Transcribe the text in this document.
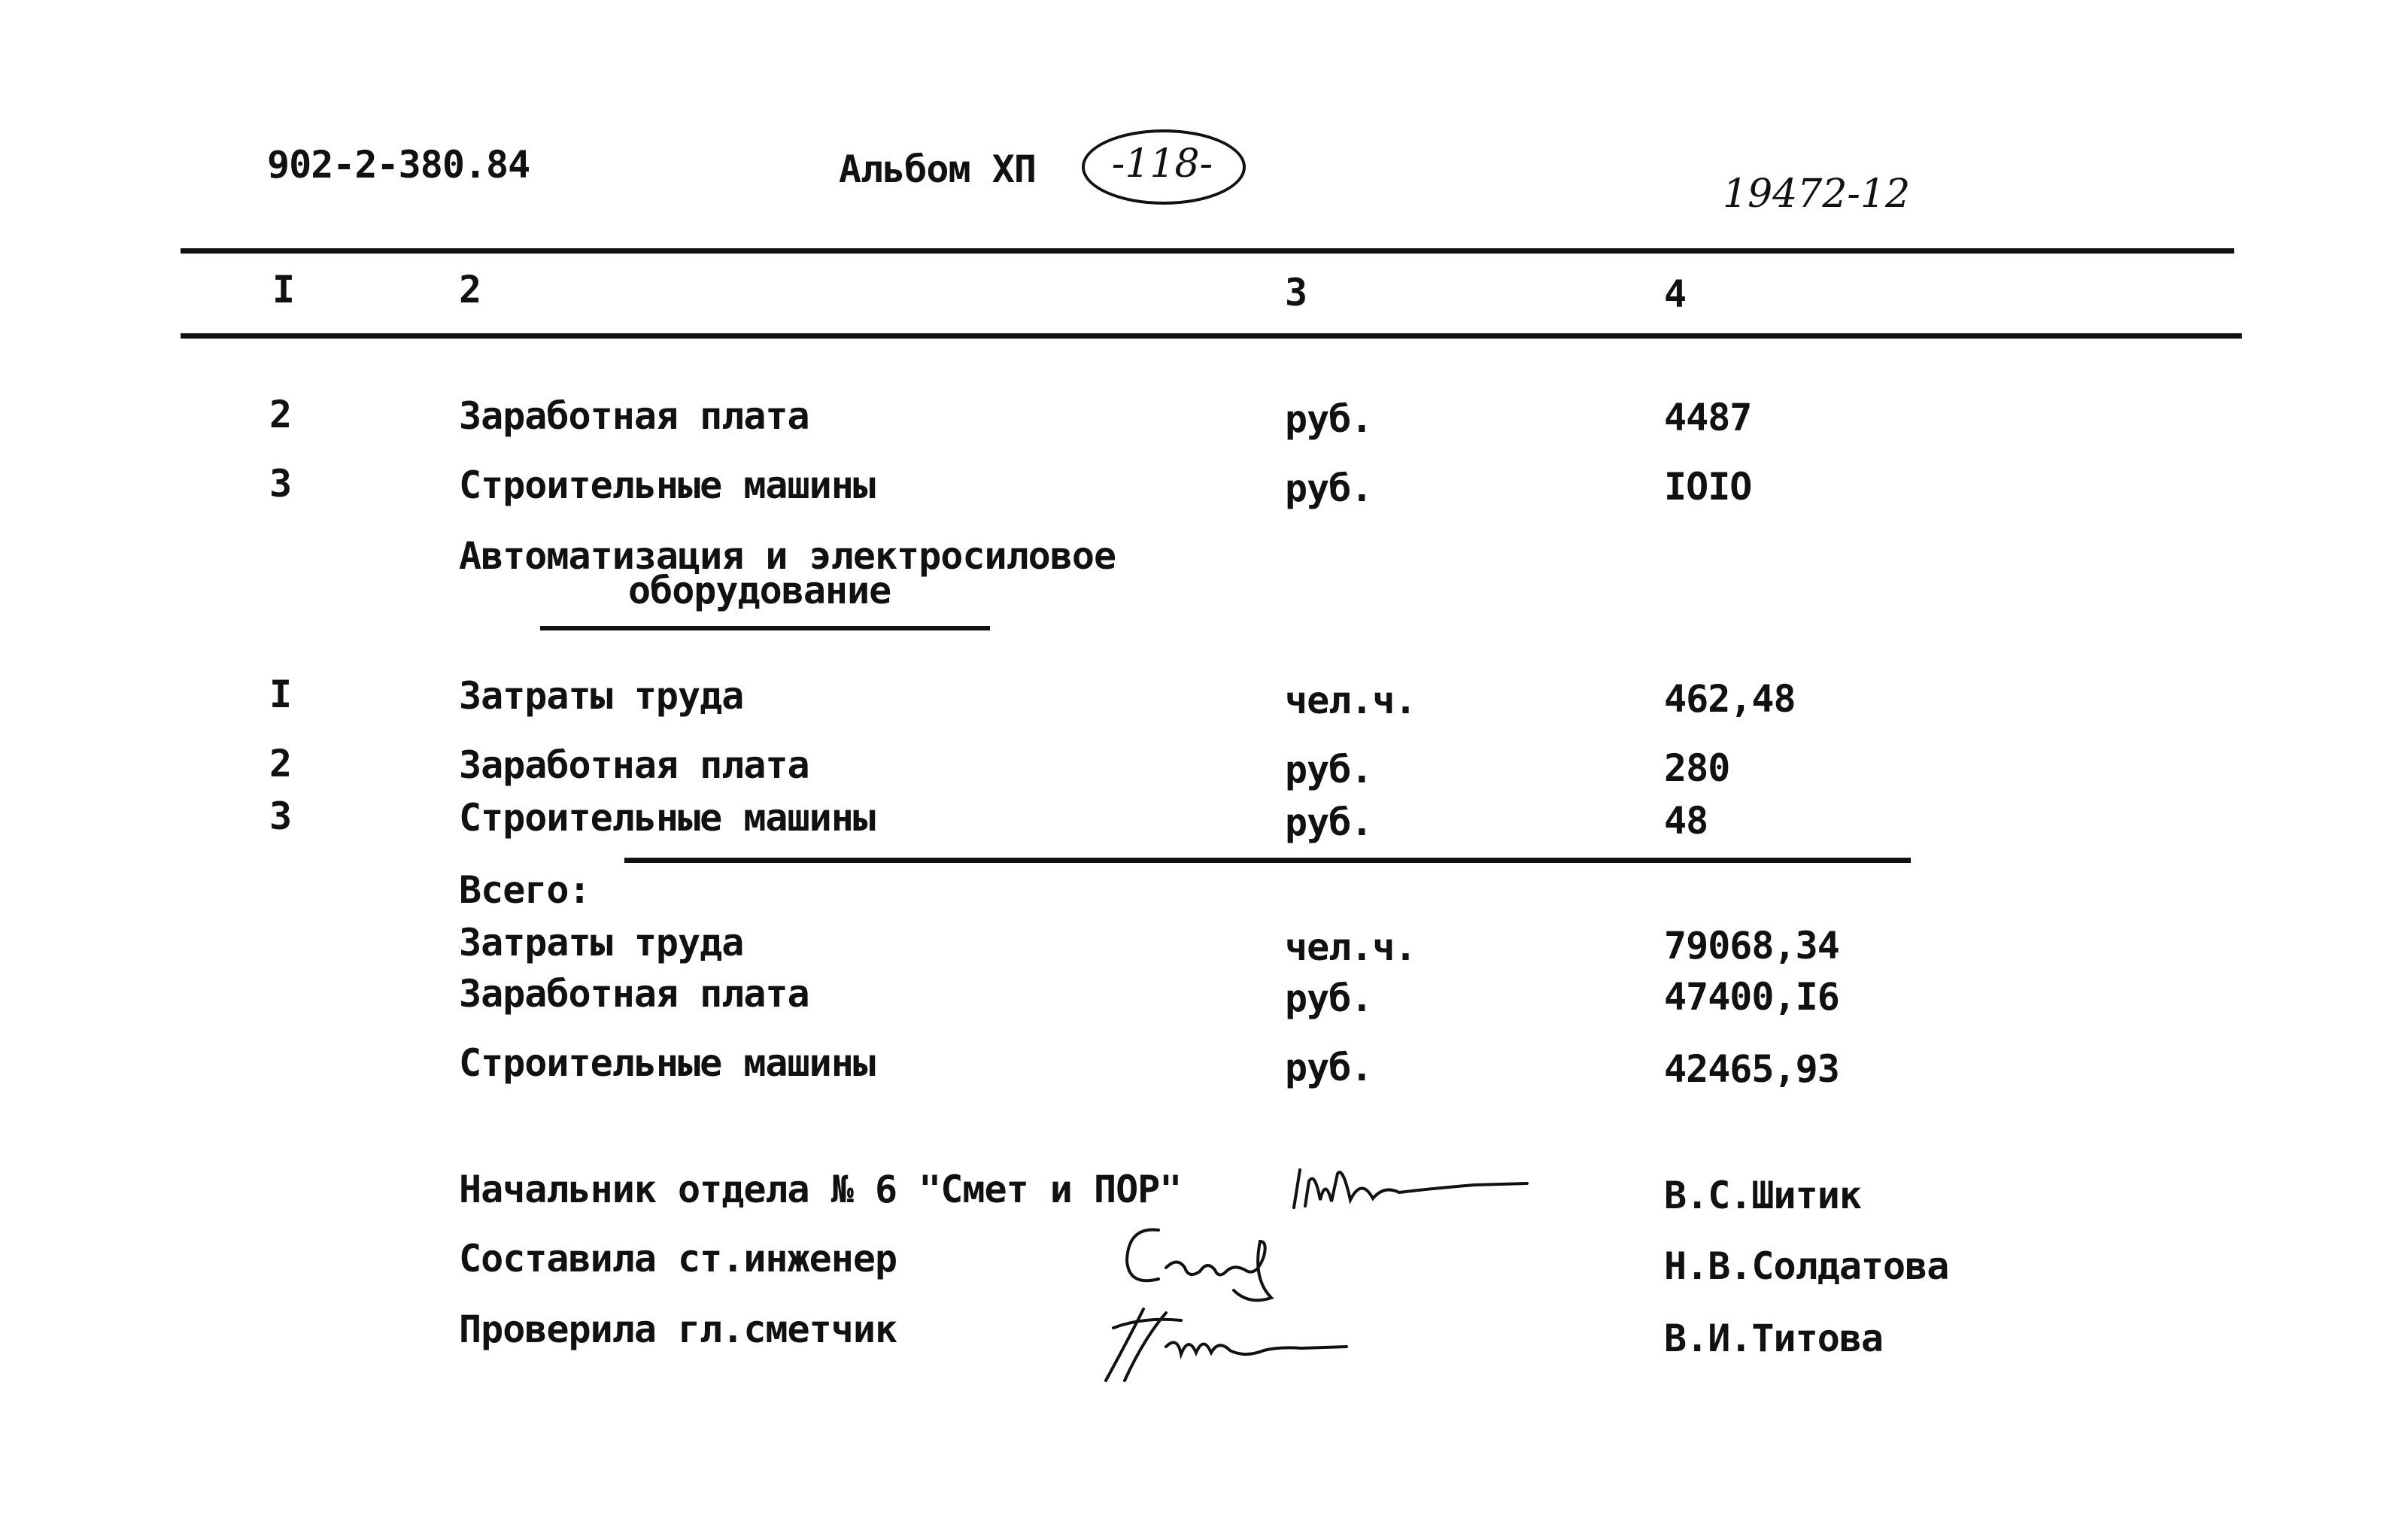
902-2-380.84	Альбом XП	-118-
19472-12
I	2	3	4
2	Заработная плата	руб.	4487
3	Строительные машины	руб.	IOIO
Автоматизация и электросиловое
оборудование
I	Затраты труда	чел.ч.	462,48
2	Заработная плата	руб.	280
3	Строительные машины	руб.	48
Всего:
Затраты труда	чел.ч.	79068,34
Заработная плата	руб.	47400,I6
Строительные машины	руб.	42465,93
Начальник отдела № 6 "Смет и ПОР"	В.С.Шитик
Составила ст.инженер	Н.В.Солдатова
Проверила гл.сметчик	В.И.Титова
